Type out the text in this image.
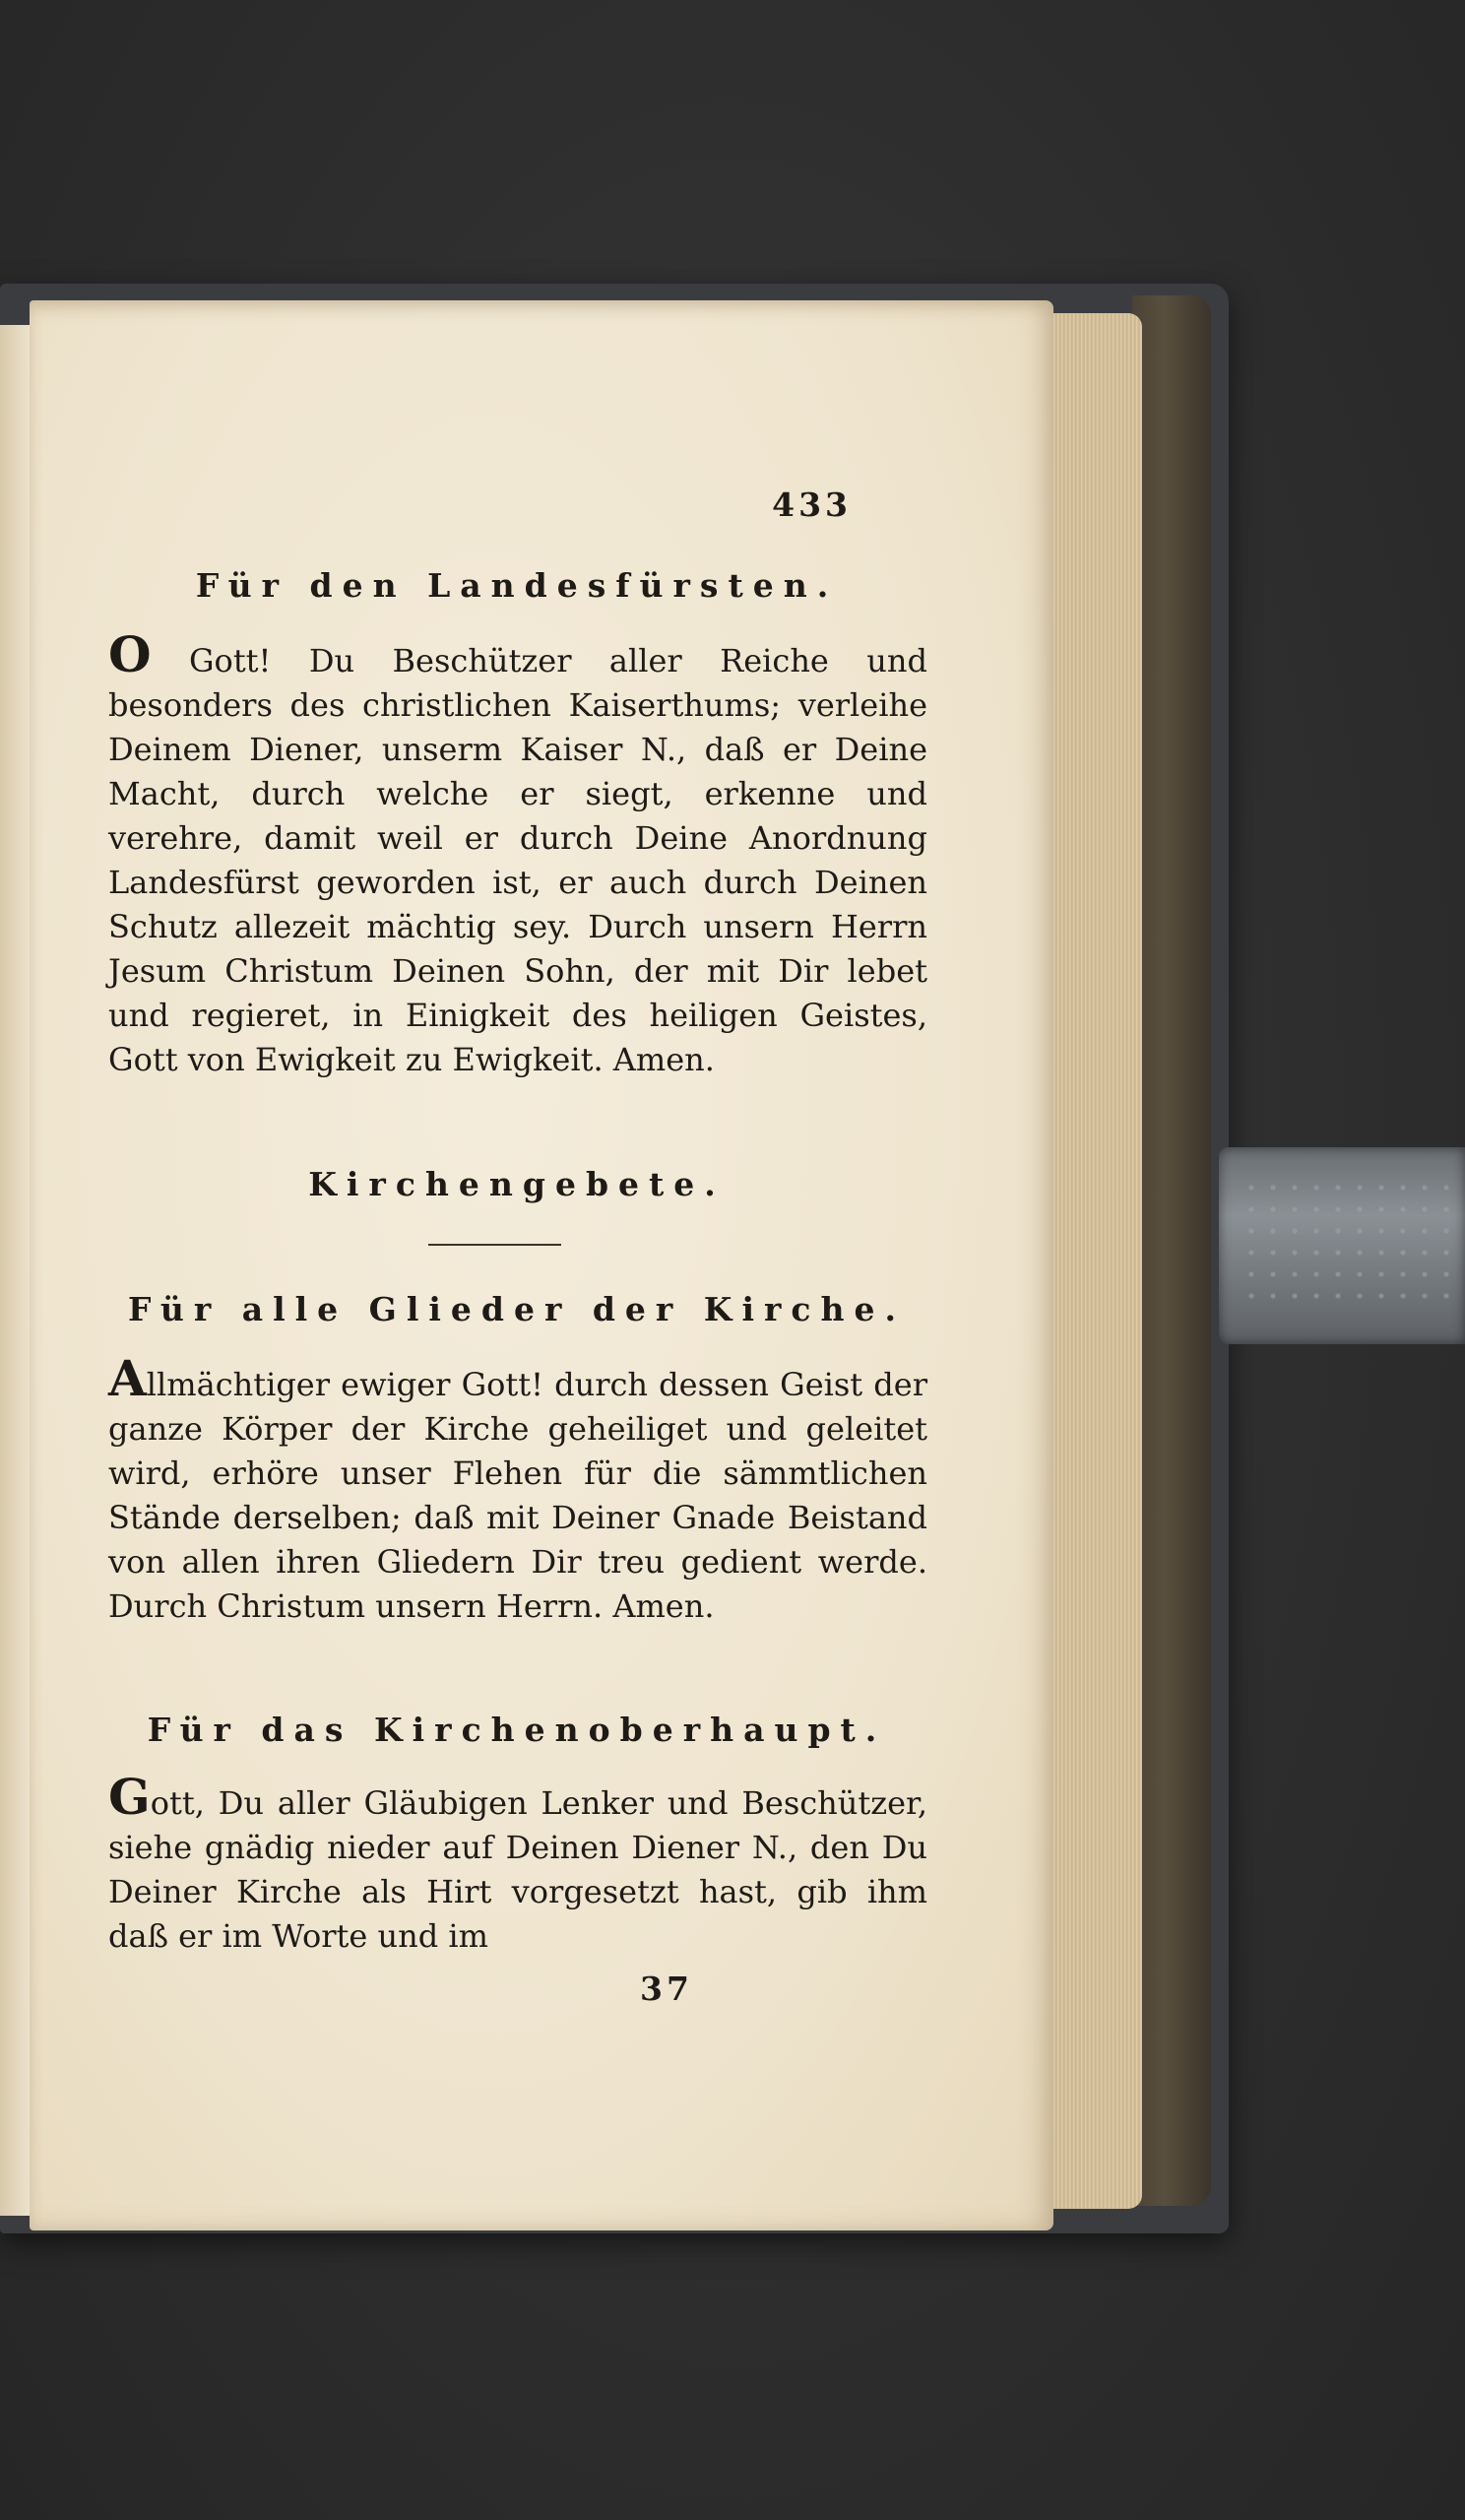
433
Für den Landesfürsten.
O Gott! Du Beschützer aller Reiche und besonders des christlichen Kaiserthums; verleihe Deinem Diener, unserm Kaiser N., daß er Deine Macht, durch welche er siegt, erkenne und verehre, damit weil er durch Deine Anordnung Landesfürst geworden ist, er auch durch Deinen Schutz allezeit mächtig sey. Durch unsern Herrn Jesum Christum Deinen Sohn, der mit Dir lebet und regieret, in Einigkeit des heiligen Geistes, Gott von Ewigkeit zu Ewigkeit. Amen.
Kirchengebete.
Für alle Glieder der Kirche.
Allmächtiger ewiger Gott! durch dessen Geist der ganze Körper der Kirche geheiliget und geleitet wird, erhöre unser Flehen für die sämmtlichen Stände derselben; daß mit Deiner Gnade Beistand von allen ihren Gliedern Dir treu gedient werde. Durch Christum unsern Herrn. Amen.
Für das Kirchenoberhaupt.
Gott, Du aller Gläubigen Lenker und Beschützer, siehe gnädig nieder auf Deinen Diener N., den Du Deiner Kirche als Hirt vorgesetzt hast, gib ihm daß er im Worte und im
37
